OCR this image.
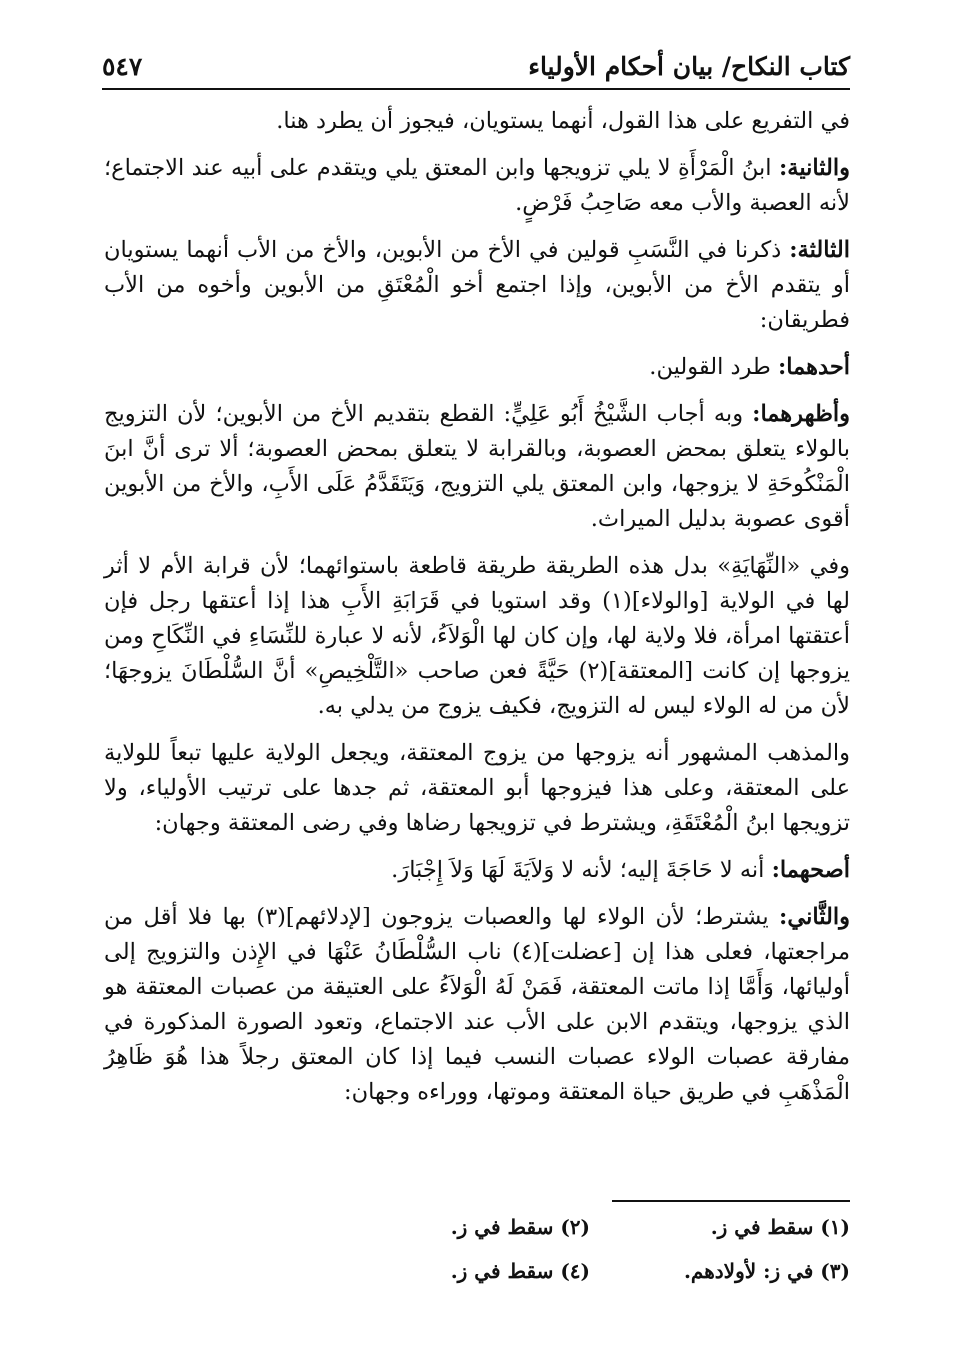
كتاب النكاح/ بيان أحكام الأولياء
٥٤٧

في التفريع على هذا القول، أنهما يستويان، فيجوز أن يطرد هنا.

والثانية: ابنُ الْمَرْأَةِ لا يلي تزويجها وابن المعتق يلي ويتقدم على أبيه عند الاجتماع؛ لأنه العصبة والأب معه صَاحِبُ فَرْضٍ.

الثالثة: ذكرنا في النَّسَبِ قولين في الأخ من الأبوين، والأخ من الأب أنهما يستويان أو يتقدم الأخ من الأبوين، وإذا اجتمع أخو الْمُعْتَقِ من الأبوين وأخوه من الأب فطريقان:

أحدهما: طرد القولين.

وأظهرهما: وبه أجاب الشَّيْخُ أَبُو عَلِيٍّ: القطع بتقديم الأخ من الأبوين؛ لأن التزويج بالولاء يتعلق بمحض العصوبة، وبالقرابة لا يتعلق بمحض العصوبة؛ ألا ترى أنَّ ابنَ الْمَنْكُوحَةِ لا يزوجها، وابن المعتق يلي التزويج، وَيَتَقَدَّمُ عَلَى الأَبِ، والأخ من الأبوين أقوى عصوبة بدليل الميراث.

وفي «النِّهَايَةِ» بدل هذه الطريقة طريقة قاطعة باستوائهما؛ لأن قرابة الأم لا أثر لها في الولاية [والولاء](١) وقد استويا في قَرَابَةِ الأَبِ هذا إذا أعتقها رجل فإن أعتقتها امرأة، فلا ولاية لها، وإن كان لها الْوَلاَءُ، لأنه لا عبارة للنِّسَاءِ في النِّكَاحِ ومن يزوجها إن كانت [المعتقة](٢) حَيَّةً فعن صاحب «التَّلْخِيصِ» أنَّ السُّلْطَانَ يزوجهَا؛ لأن من له الولاء ليس له التزويج، فكيف يزوج من يدلي به.

والمذهب المشهور أنه يزوجها من يزوج المعتقة، ويجعل الولاية عليها تبعاً للولاية على المعتقة، وعلى هذا فيزوجها أبو المعتقة، ثم جدها على ترتيب الأولياء، ولا تزويجها ابنُ الْمُعْتَقَةِ، ويشترط في تزويجها رضاها وفي رضى المعتقة وجهان:

أصحهما: أنه لا حَاجَةَ إليه؛ لأنه لا وَلاَيَةَ لَهَا وَلاَ إِجْبَارَ.

والثَّاني: يشترط؛ لأن الولاء لها والعصبات يزوجون [لإدلائهم](٣) بها فلا أقل من مراجعتها، فعلى هذا إن [عضلت](٤) ناب السُّلْطَانُ عَنْهَا في الإِذن والتزويج إلى أوليائها، وَأَمَّا إذا ماتت المعتقة، فَمَنْ لَهُ الْوَلاَءُ على العتيقة من عصبات المعتقة هو الذي يزوجها، ويتقدم الابن على الأب عند الاجتماع، وتعود الصورة المذكورة في مفارقة عصبات الولاء عصبات النسب فيما إذا كان المعتق رجلاً هذا هُوَ ظَاهِرُ الْمَذْهَبِ في طريق حياة المعتقة وموتها، ووراءه وجهان:

(١) سقط في ز.
(٢) سقط في ز.
(٣) في ز: لأولادهم.
(٤) سقط في ز.
